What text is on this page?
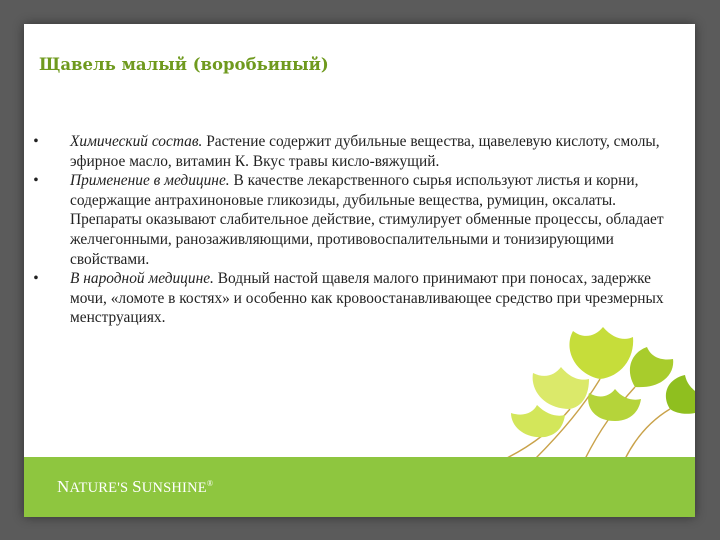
Щавель малый (воробьиный)
• Химический состав. Растение содержит дубильные вещества, щавелевую кислоту, смолы, эфирное масло, витамин К. Вкус травы кисло-вяжущий.
• Применение в медицине. В качестве лекарственного сырья используют листья и корни, содержащие антрахиноновые гликозиды, дубильные вещества, румицин, оксалаты. Препараты оказывают слабительное действие, стимулирует обменные процессы, обладает желчегонными, ранозаживляющими, противовоспалительными и тонизирующими свойствами.
• В народной медицине. Водный настой щавеля малого принимают при поносах, задержке мочи, «ломоте в костях» и особенно как кровоостанавливающее средство при чрезмерных менструациях.
NATURE'S SUNSHINE®
